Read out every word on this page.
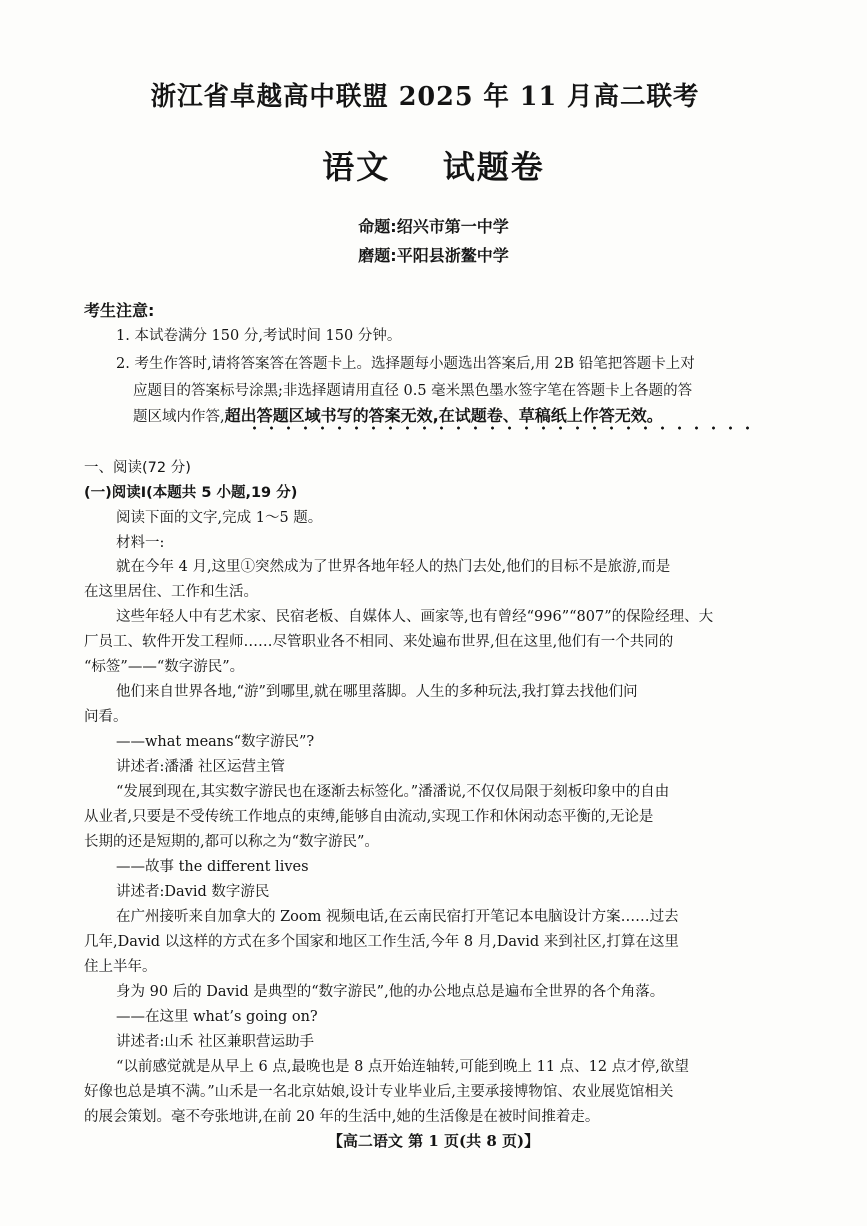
浙江省卓越高中联盟 2025 年 11 月高二联考
语文    试题卷
命题:绍兴市第一中学
磨题:平阳县浙鳌中学
考生注意:
1. 本试卷满分 150 分,考试时间 150 分钟。
2. 考生作答时,请将答案答在答题卡上。选择题每小题选出答案后,用 2B 铅笔把答题卡上对
应题目的答案标号涂黑;非选择题请用直径 0.5 毫米黑色墨水签字笔在答题卡上各题的答
题区域内作答,超出答题区域书写的答案无效,在试题卷、草稿纸上作答无效。
一、阅读(72 分)
(一)阅读Ⅰ(本题共 5 小题,19 分)
阅读下面的文字,完成 1～5 题。
材料一:
就在今年 4 月,这里①突然成为了世界各地年轻人的热门去处,他们的目标不是旅游,而是
在这里居住、工作和生活。
这些年轻人中有艺术家、民宿老板、自媒体人、画家等,也有曾经“996”“807”的保险经理、大
厂员工、软件开发工程师……尽管职业各不相同、来处遍布世界,但在这里,他们有一个共同的
“标签”——“数字游民”。
他们来自世界各地,“游”到哪里,就在哪里落脚。人生的多种玩法,我打算去找他们问
问看。
——what means“数字游民”?
讲述者:潘潘 社区运营主管
“发展到现在,其实数字游民也在逐渐去标签化。”潘潘说,不仅仅局限于刻板印象中的自由
从业者,只要是不受传统工作地点的束缚,能够自由流动,实现工作和休闲动态平衡的,无论是
长期的还是短期的,都可以称之为“数字游民”。
——故事 the different lives
讲述者:David 数字游民
在广州接听来自加拿大的 Zoom 视频电话,在云南民宿打开笔记本电脑设计方案……过去
几年,David 以这样的方式在多个国家和地区工作生活,今年 8 月,David 来到社区,打算在这里
住上半年。
身为 90 后的 David 是典型的“数字游民”,他的办公地点总是遍布全世界的各个角落。
——在这里 what’s going on?
讲述者:山禾 社区兼职营运助手
“以前感觉就是从早上 6 点,最晚也是 8 点开始连轴转,可能到晚上 11 点、12 点才停,欲望
好像也总是填不满。”山禾是一名北京姑娘,设计专业毕业后,主要承接博物馆、农业展览馆相关
的展会策划。毫不夸张地讲,在前 20 年的生活中,她的生活像是在被时间推着走。
【高二语文 第 1 页(共 8 页)】
